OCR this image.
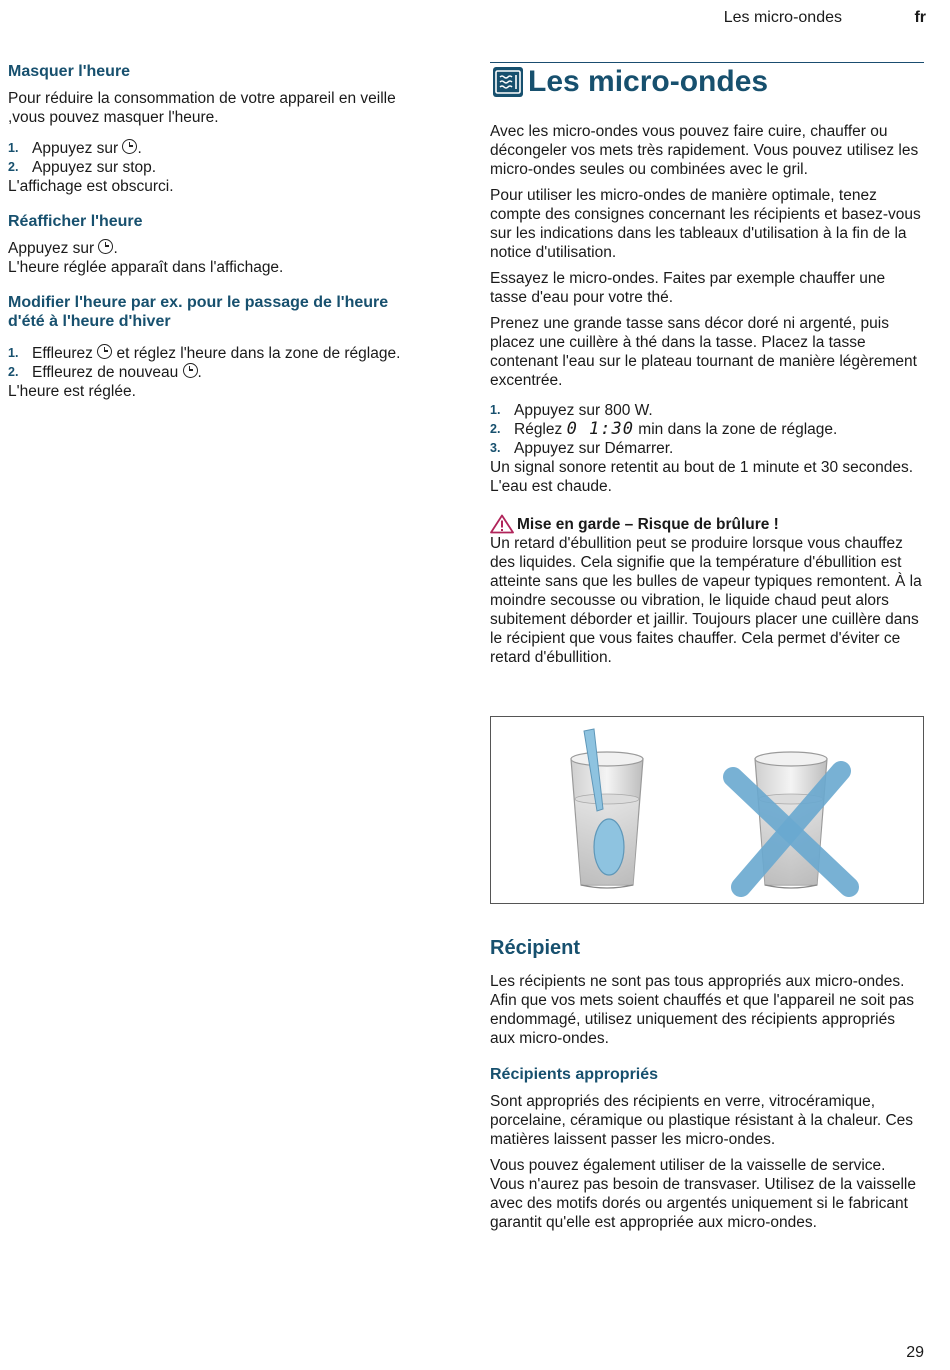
Les micro-ondes	fr
Masquer l'heure

Pour réduire la consommation de votre appareil en veille ,vous pouvez masquer l'heure.

1. Appuyez sur .
2. Appuyez sur stop.
L'affichage est obscurci.
Réafficher l'heure
Appuyez sur .
L'heure réglée apparaît dans l'affichage.
Modifier l'heure par ex. pour le passage de l'heure d'été à l'heure d'hiver
1. Effleurez  et réglez l'heure dans la zone de réglage.
2. Effleurez de nouveau .
L'heure est réglée.
Les micro-ondes

Avec les micro-ondes vous pouvez faire cuire, chauffer ou décongeler vos mets très rapidement. Vous pouvez utilisez les micro-ondes seules ou combinées avec le gril.

Pour utiliser les micro-ondes de manière optimale, tenez compte des consignes concernant les récipients et basez-vous sur les indications dans les tableaux d'utilisation à la fin de la notice d'utilisation.

Essayez le micro-ondes. Faites par exemple chauffer une tasse d'eau pour votre thé.

Prenez une grande tasse sans décor doré ni argenté, puis placez une cuillère à thé dans la tasse. Placez la tasse contenant l'eau sur le plateau tournant de manière légèrement excentrée.

1. Appuyez sur 800 W.
2. Réglez 0 1:30 min dans la zone de réglage.
3. Appuyez sur Démarrer.
Un signal sonore retentit au bout de 1 minute et 30 secondes. L'eau est chaude.
Mise en garde – Risque de brûlure !

Un retard d'ébullition peut se produire lorsque vous chauffez des liquides. Cela signifie que la température d'ébullition est atteinte sans que les bulles de vapeur typiques remontent. À la moindre secousse ou vibration, le liquide chaud peut alors subitement déborder et jaillir. Toujours placer une cuillère dans le récipient que vous faites chauffer. Cela permet d'éviter ce retard d'ébullition.

Récipient

Les récipients ne sont pas tous appropriés aux micro-ondes. Afin que vos mets soient chauffés et que l'appareil ne soit pas endommagé, utilisez uniquement des récipients appropriés aux micro-ondes.

Récipients appropriés

Sont appropriés des récipients en verre, vitrocéramique, porcelaine, céramique ou plastique résistant à la chaleur. Ces matières laissent passer les micro-ondes.

Vous pouvez également utiliser de la vaisselle de service. Vous n'aurez pas besoin de transvaser. Utilisez de la vaisselle avec des motifs dorés ou argentés uniquement si le fabricant garantit qu'elle est appropriée aux micro-ondes.

29
